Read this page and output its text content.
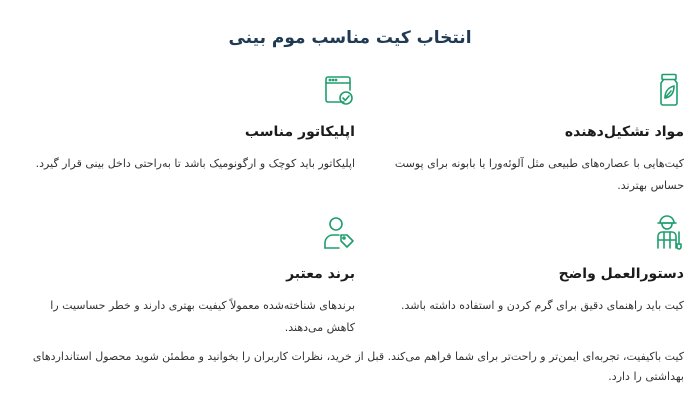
انتخاب کیت مناسب موم بینی
مواد تشکیل‌دهنده

کیت‌هایی با عصاره‌های طبیعی مثل آلوئه‌ورا یا بابونه برای پوست حساس بهترند.

اپلیکاتور مناسب

اپلیکاتور باید کوچک و ارگونومیک باشد تا به‌راحتی داخل بینی قرار گیرد.

دستورالعمل واضح

کیت باید راهنمای دقیق برای گرم کردن و استفاده داشته باشد.

برند معتبر

برندهای شناخته‌شده معمولاً کیفیت بهتری دارند و خطر حساسیت را کاهش می‌دهند.

کیت باکیفیت، تجربه‌ای ایمن‌تر و راحت‌تر برای شما فراهم می‌کند. قبل از خرید، نظرات کاربران را بخوانید و مطمئن شوید محصول استانداردهای بهداشتی را دارد.
